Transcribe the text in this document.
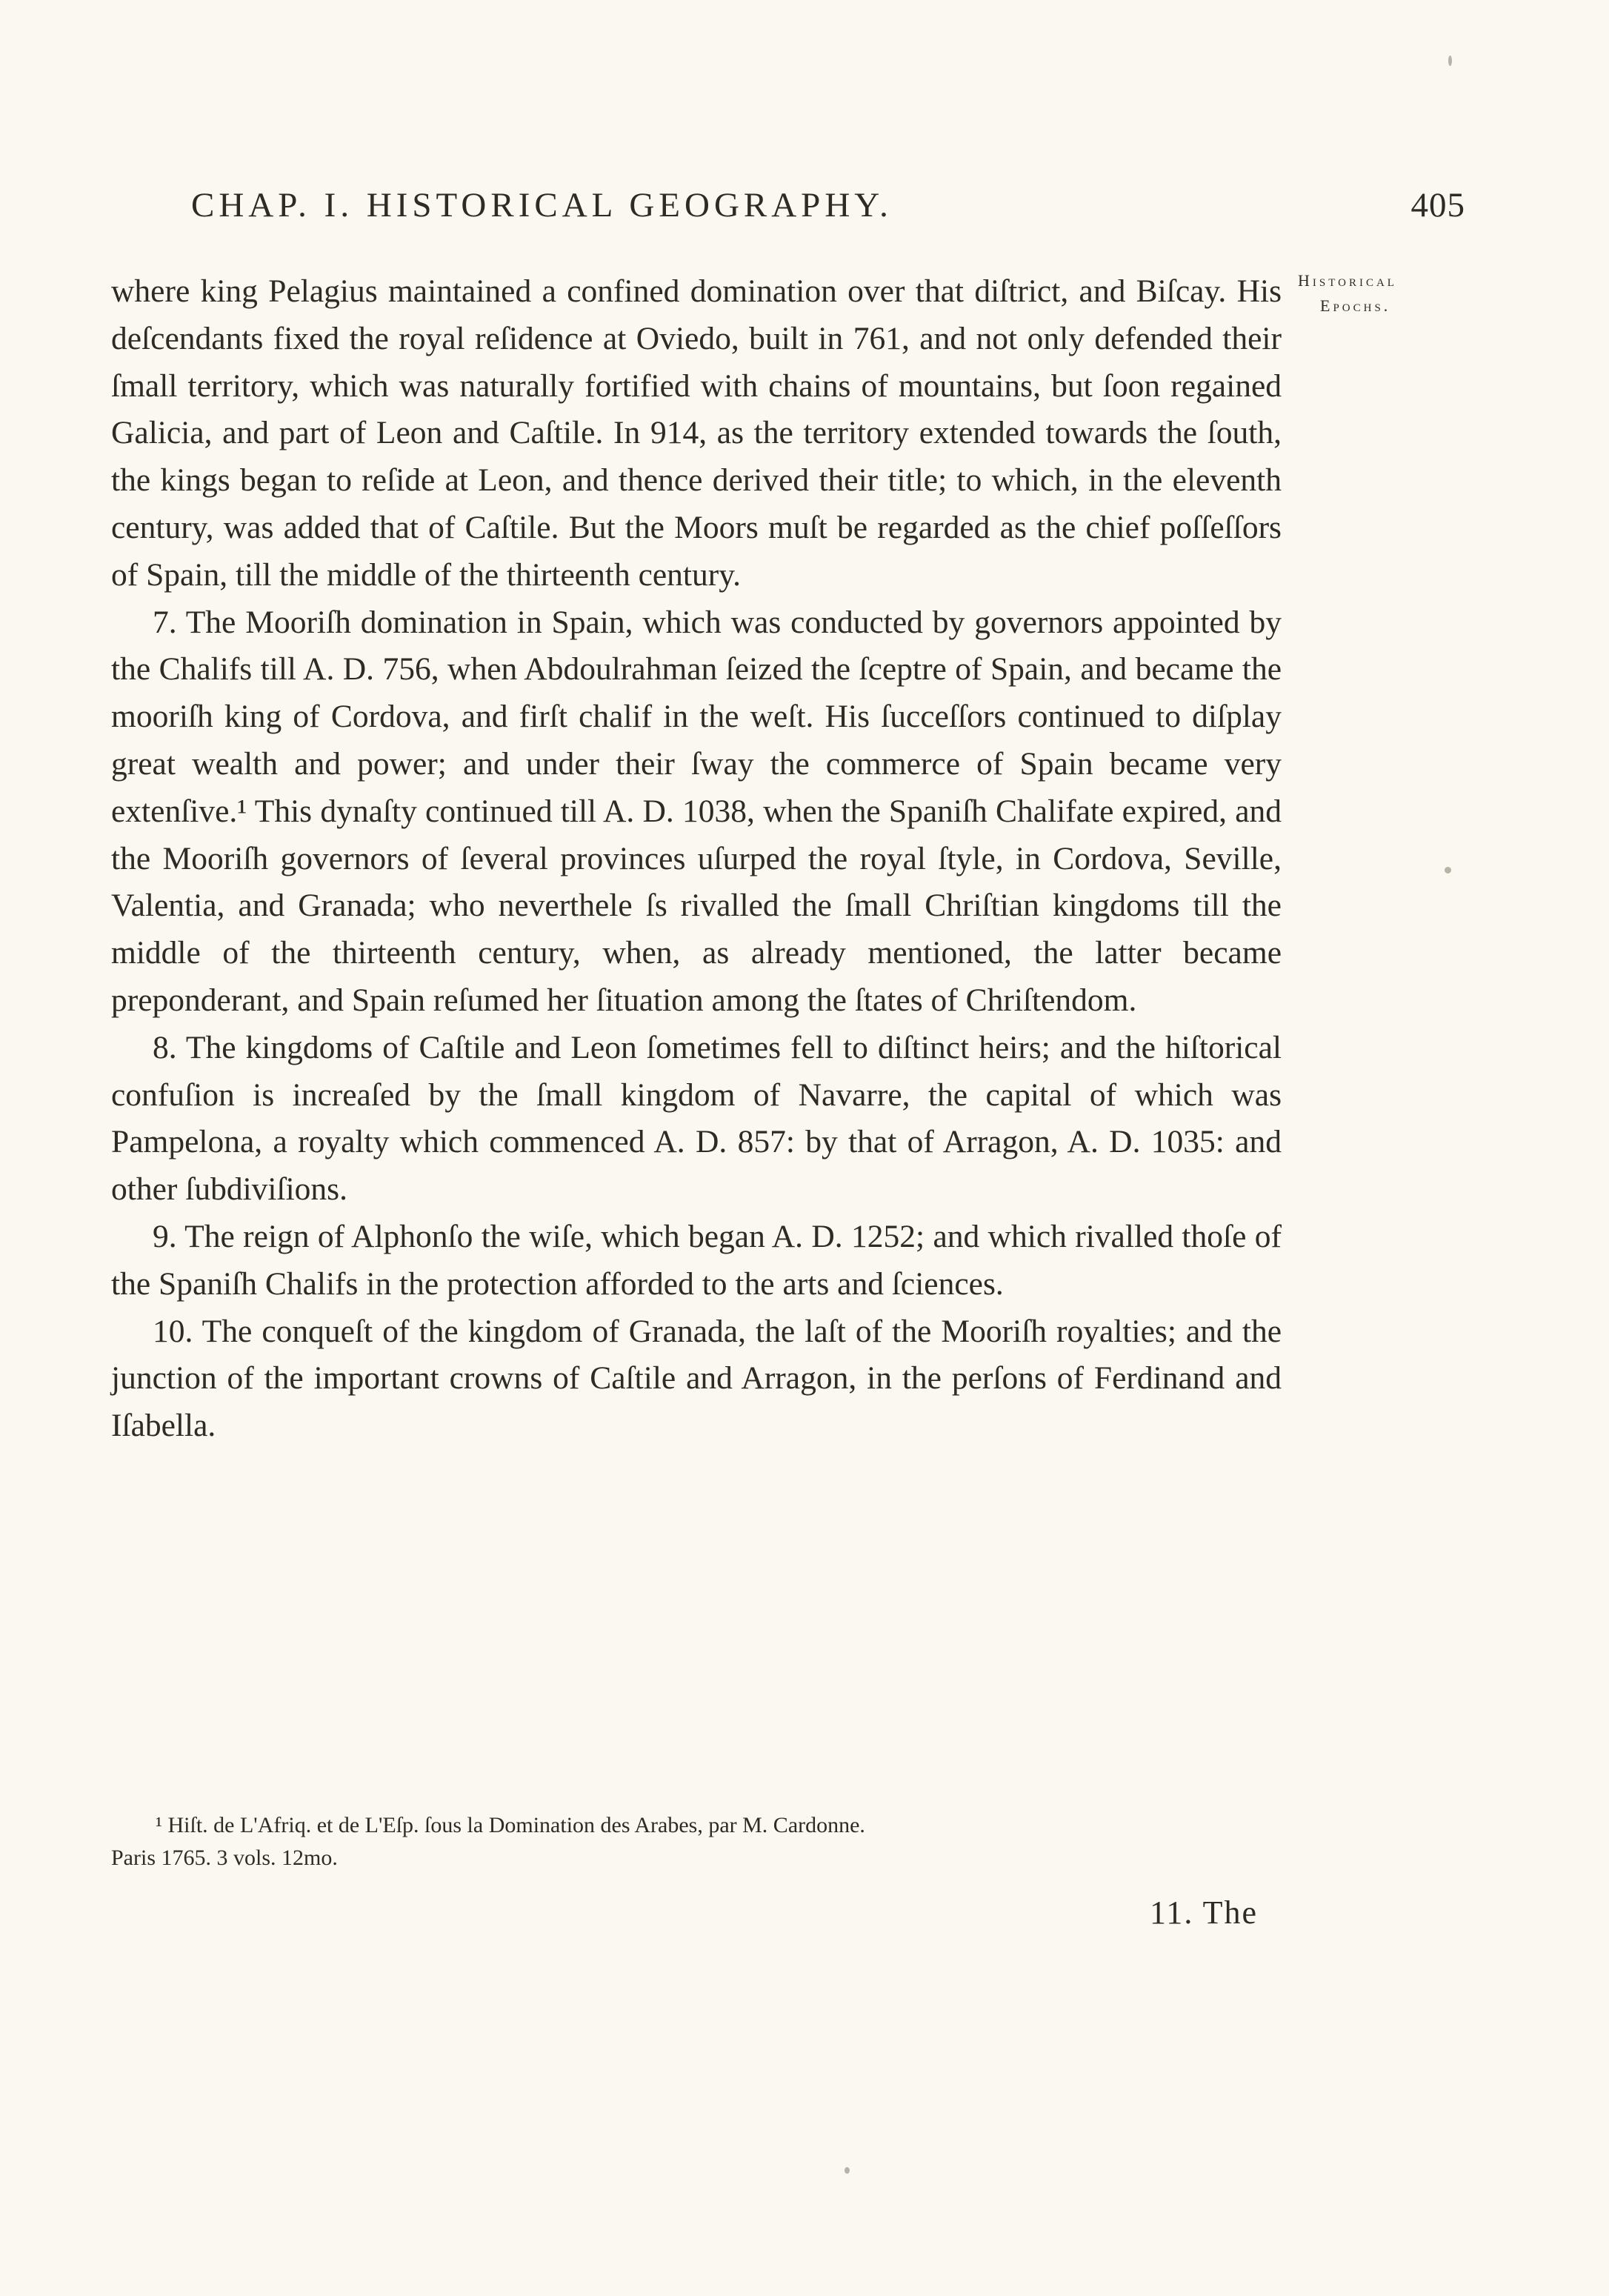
CHAP. I. HISTORICAL GEOGRAPHY.	405
Historical
Epochs.

where king Pelagius maintained a confined domination over that diſtrict, and Biſcay. His deſcendants fixed the royal reſidence at Oviedo, built in 761, and not only defended their ſmall territory, which was naturally fortified with chains of mountains, but ſoon regained Galicia, and part of Leon and Caſtile. In 914, as the territory extended towards the ſouth, the kings began to reſide at Leon, and thence derived their title; to which, in the eleventh century, was added that of Caſtile. But the Moors muſt be regarded as the chief poſſeſſors of Spain, till the middle of the thirteenth century.

7. The Mooriſh domination in Spain, which was conducted by governors appointed by the Chalifs till A. D. 756, when Abdoulrahman ſeized the ſceptre of Spain, and became the mooriſh king of Cordova, and firſt chalif in the weſt. His ſucceſſors continued to diſplay great wealth and power; and under their ſway the commerce of Spain became very extenſive.¹ This dynaſty continued till A. D. 1038, when the Spaniſh Chalifate expired, and the Mooriſh governors of ſeveral provinces uſurped the royal ſtyle, in Cordova, Seville, Valentia, and Granada; who neverthele ſs rivalled the ſmall Chriſtian kingdoms till the middle of the thirteenth century, when, as already mentioned, the latter became preponderant, and Spain reſumed her ſituation among the ſtates of Chriſtendom.

8. The kingdoms of Caſtile and Leon ſometimes fell to diſtinct heirs; and the hiſtorical confuſion is increaſed by the ſmall kingdom of Navarre, the capital of which was Pampelona, a royalty which commenced A. D. 857: by that of Arragon, A. D. 1035: and other ſubdiviſions.

9. The reign of Alphonſo the wiſe, which began A. D. 1252; and which rivalled thoſe of the Spaniſh Chalifs in the protection afforded to the arts and ſciences.

10. The conqueſt of the kingdom of Granada, the laſt of the Mooriſh royalties; and the junction of the important crowns of Caſtile and Arragon, in the perſons of Ferdinand and Iſabella.

¹ Hiſt. de L'Afriq. et de L'Eſp. ſous la Domination des Arabes, par M. Cardonne.
Paris 1765. 3 vols. 12mo.
11. The
